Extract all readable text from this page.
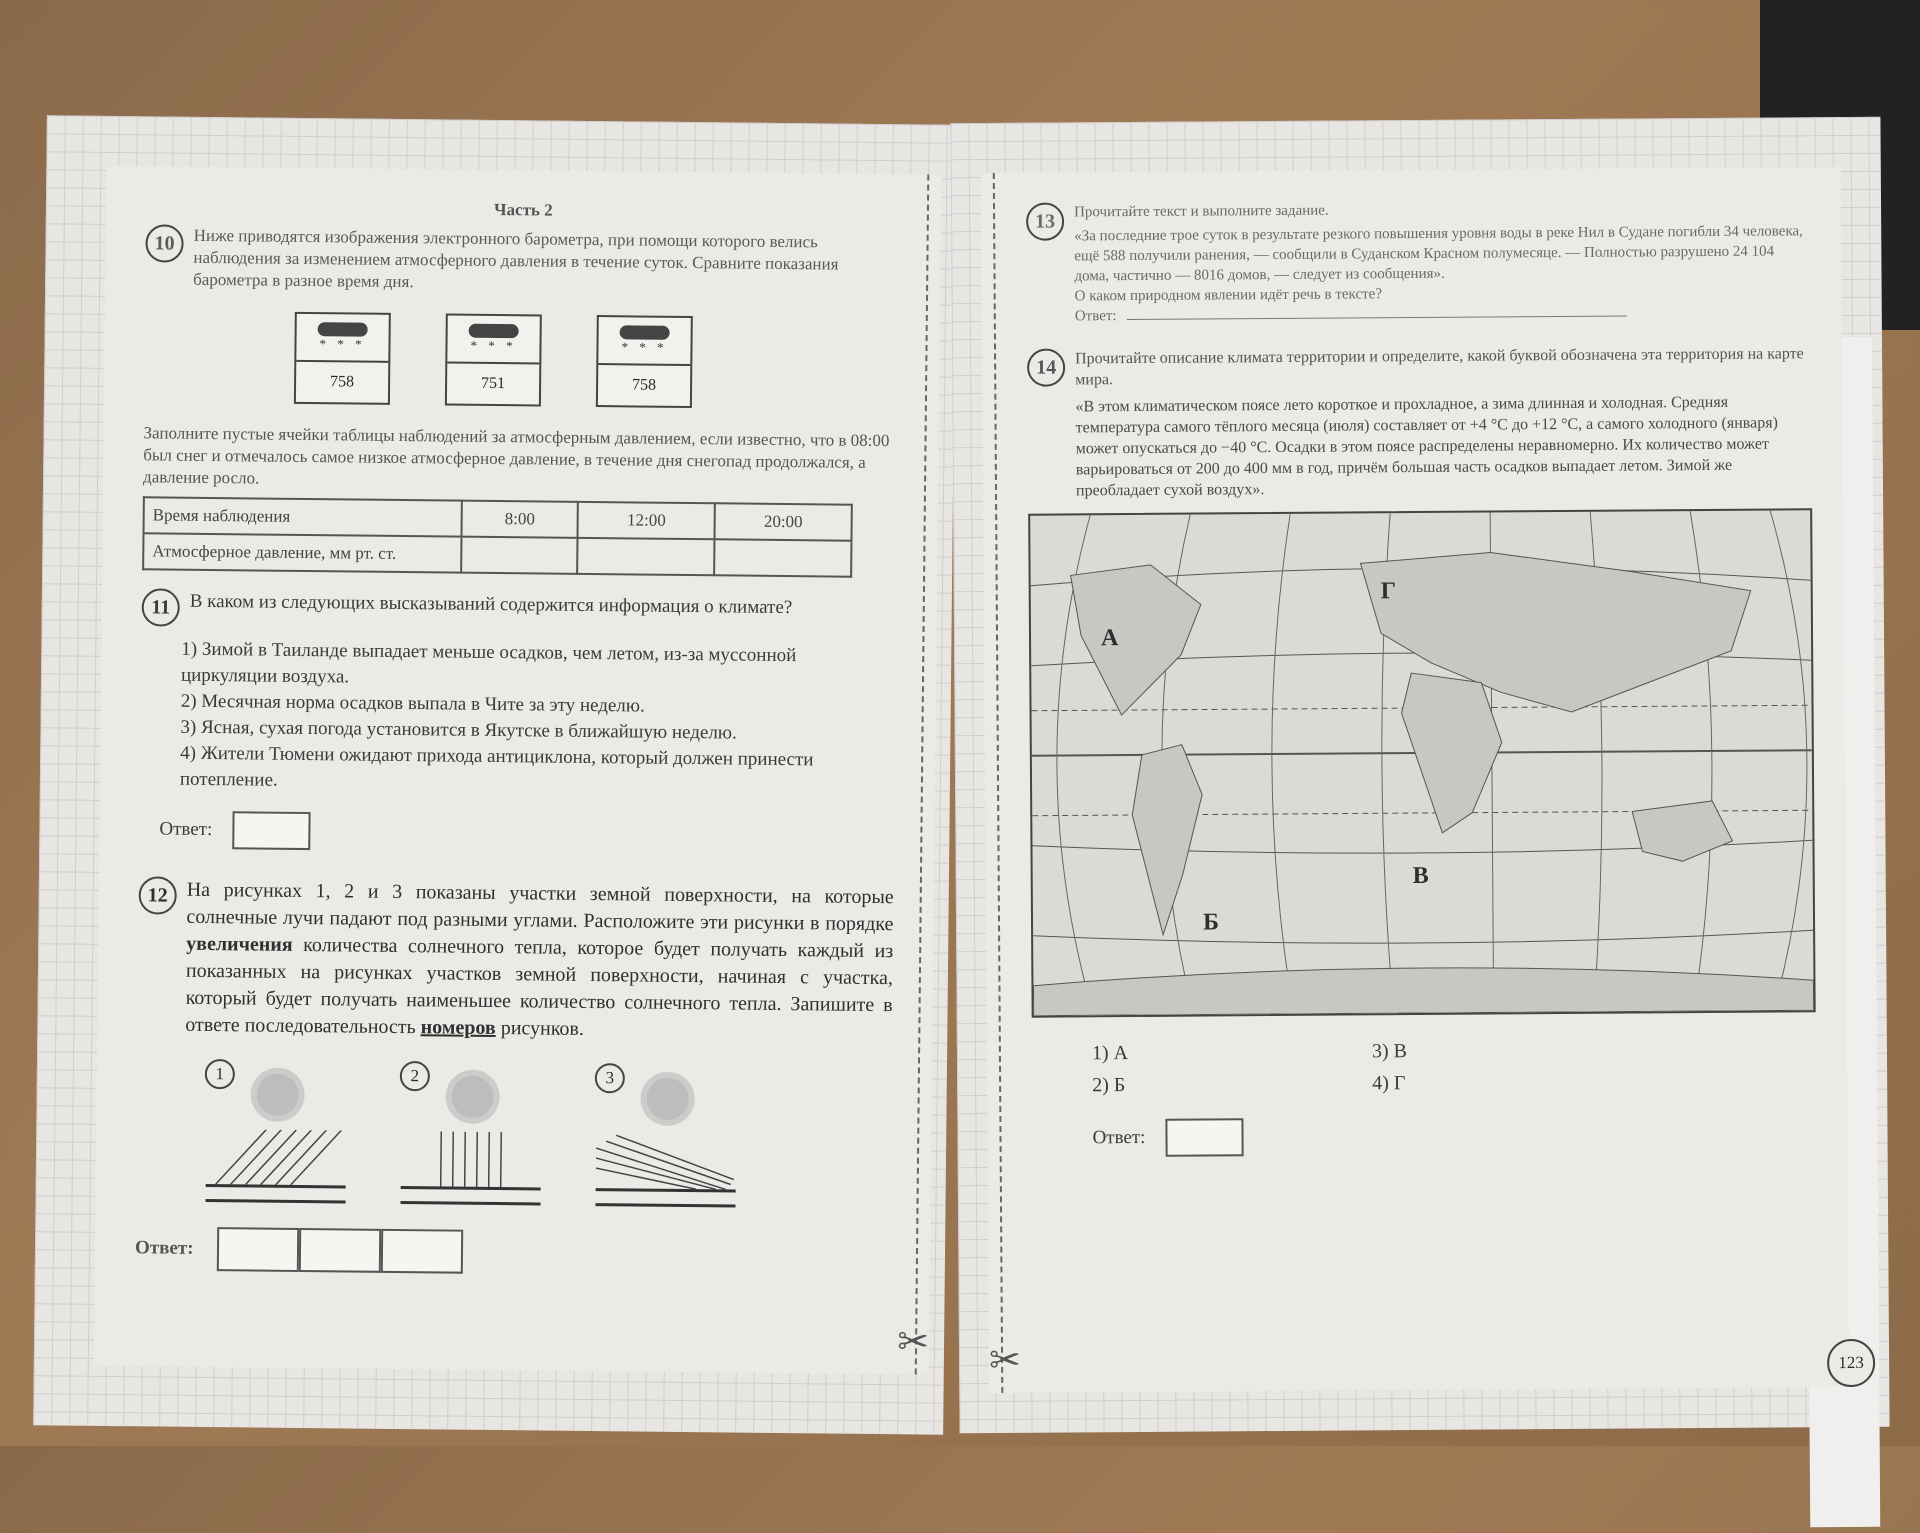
✂
Часть 2
10	Ниже приводятся изображения электронного барометра, при помощи которого велись наблюдения за изменением атмосферного давления в течение суток. Сравните показания барометра в разное время дня.
* * *
758
* * *
751
* * *
758
Заполните пустые ячейки таблицы наблюдений за атмосферным давлением, если известно, что в 08:00 был снег и отмечалось самое низкое атмосферное давление, в течение дня снегопад продолжался, а давление росло.
Время наблюдения	8:00	12:00	20:00
Атмосферное давление, мм рт. ст.			
11	В каком из следующих высказываний содержится информация о климате?
1) Зимой в Таиланде выпадает меньше осадков, чем летом, из-за муссонной циркуляции воздуха.
2) Месячная норма осадков выпала в Чите за эту неделю.
3) Ясная, сухая погода установится в Якутске в ближайшую неделю.
4) Жители Тюмени ожидают прихода антициклона, который должен принести потепление.
Ответ:
12 На рисунках 1, 2 и 3 показаны участки земной поверхности, на которые солнечные лучи падают под разными углами. Расположите эти рисунки в порядке увеличения количества солнечного тепла, которое будет получать каждый из показанных на рисунках участков земной поверхности, начиная с участка, который будет получать наименьшее количество солнечного тепла. Запишите в ответе последовательность номеров рисунков.
1	2	3
Ответ:
✂
13	Прочитайте текст и выполните задание.
«За последние трое суток в результате резкого повышения уровня воды в реке Нил в Судане погибли 34 человека, ещё 588 получили ранения, — сообщили в Суданском Красном полумесяце. — Полностью разрушено 24 104 дома, частично — 8016 домов, — следует из сообщения».
О каком природном явлении идёт речь в тексте?
Ответ:
14	Прочитайте описание климата территории и определите, какой буквой обозначена эта территория на карте мира.
«В этом климатическом поясе лето короткое и прохладное, а зима длинная и холодная. Средняя температура самого тёплого месяца (июля) составляет от +4 °С до +12 °С, а самого холодного (января) может опускаться до −40 °С. Осадки в этом поясе распределены неравномерно. Их количество может варьироваться от 200 до 400 мм в год, причём большая часть осадков выпадает летом. Зимой же преобладает сухой воздух».
А
Г
В
Б
1) А	3) В
2) Б	4) Г
Ответ:
123
